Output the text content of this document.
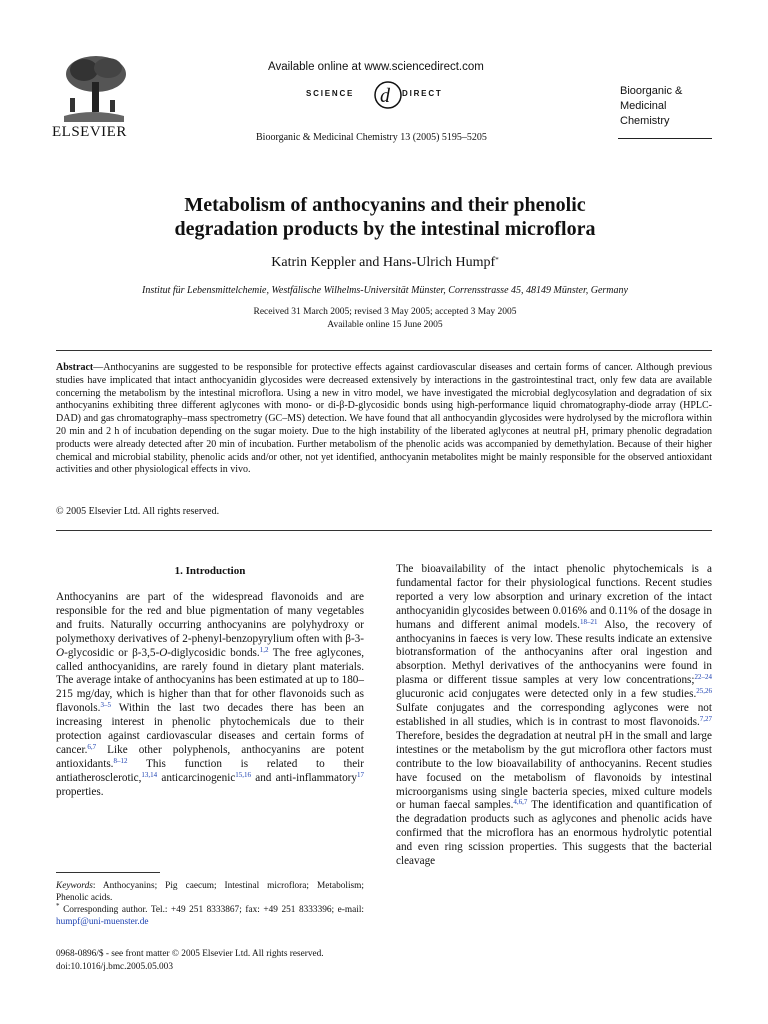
ELSEVIER
Available online at www.sciencedirect.com
d
SCIENCE	DIRECT
Bioorganic & Medicinal Chemistry 13 (2005) 5195–5205
Bioorganic &
Medicinal
Chemistry
Metabolism of anthocyanins and their phenolic
degradation products by the intestinal microflora
Katrin Keppler and Hans-Ulrich Humpf*
Institut für Lebensmittelchemie, Westfälische Wilhelms-Universität Münster, Corrensstrasse 45, 48149 Münster, Germany
Received 31 March 2005; revised 3 May 2005; accepted 3 May 2005
Available online 15 June 2005
Abstract—Anthocyanins are suggested to be responsible for protective effects against cardiovascular diseases and certain forms of cancer. Although previous studies have implicated that intact anthocyanidin glycosides were decreased extensively by interactions in the gastrointestinal tract, only few data are available concerning the metabolism by the intestinal microflora. Using a new in vitro model, we have investigated the microbial deglycosylation and degradation of six anthocyanins exhibiting three different aglycones with mono- or di-β-D-glycosidic bonds using high-performance liquid chromatography-diode array (HPLC-DAD) and gas chromatography–mass spectrometry (GC–MS) detection. We have found that all anthocyandin glycosides were hydrolysed by the microflora within 20 min and 2 h of incubation depending on the sugar moiety. Due to the high instability of the liberated aglycones at neutral pH, primary phenolic degradation products were already detected after 20 min of incubation. Further metabolism of the phenolic acids was accompanied by demethylation. Because of their higher chemical and microbial stability, phenolic acids and/or other, not yet identified, anthocyanin metabolites might be mainly responsible for the observed antioxidant activities and other physiological effects in vivo.
© 2005 Elsevier Ltd. All rights reserved.
1. Introduction
Anthocyanins are part of the widespread flavonoids and are responsible for the red and blue pigmentation of many vegetables and fruits. Naturally occurring anthocyanins are polyhydroxy or polymethoxy derivatives of 2-phenyl-benzopyrylium often with β-3-O-glycosidic or β-3,5-O-diglycosidic bonds.$^{1,2}$ The free aglycones, called anthocyanidins, are rarely found in dietary plant materials. The average intake of anthocyanins has been estimated at up to 180–215 mg/day, which is higher than that for other flavonoids such as flavonols.$^{3-5}$ Within the last two decades there has been an increasing interest in phenolic phytochemicals due to their protection against cardiovascular diseases and certain forms of cancer.$^{6,7}$ Like other polyphenols, anthocyanins are potent antioxidants.$^{8-12}$ This function is related to their antiatherosclerotic,$^{13,14}$ anticarcinogenic$^{15,16}$ and anti-inflammatory$^{17}$ properties.
Keywords: Anthocyanins; Pig caecum; Intestinal microflora; Metabolism; Phenolic acids.
* Corresponding author. Tel.: +49 251 8333867; fax: +49 251 8333396; e-mail: humpf@uni-muenster.de
0968-0896/$ - see front matter © 2005 Elsevier Ltd. All rights reserved.
doi:10.1016/j.bmc.2005.05.003
The bioavailability of the intact phenolic phytochemicals is a fundamental factor for their physiological functions. Recent studies reported a very low absorption and urinary excretion of the intact anthocyanidin glycosides between 0.016% and 0.11% of the dosage in humans and different animal models.$^{18-21}$ Also, the recovery of anthocyanins in faeces is very low. These results indicate an extensive biotransformation of the anthocyanins after oral ingestion and absorption. Methyl derivatives of the anthocyanins were found in plasma or different tissue samples at very low concentrations;$^{22-24}$ glucuronic acid conjugates were detected only in a few studies.$^{25,26}$ Sulfate conjugates and the corresponding aglycones were not established in all studies, which is in contrast to most flavonoids.$^{7,27}$ Therefore, besides the degradation at neutral pH in the small and large intestines or the metabolism by the gut microflora other factors must contribute to the low bioavailability of anthocyanins. Recent studies have focused on the metabolism of flavonoids by intestinal microorganisms using single bacteria species, mixed culture models or human faecal samples.$^{4,6,7}$ The identification and quantification of the degradation products such as aglycones and phenolic acids have confirmed that the microflora has an enormous hydrolytic potential and even ring scission properties. This suggests that the bacterial cleavage
